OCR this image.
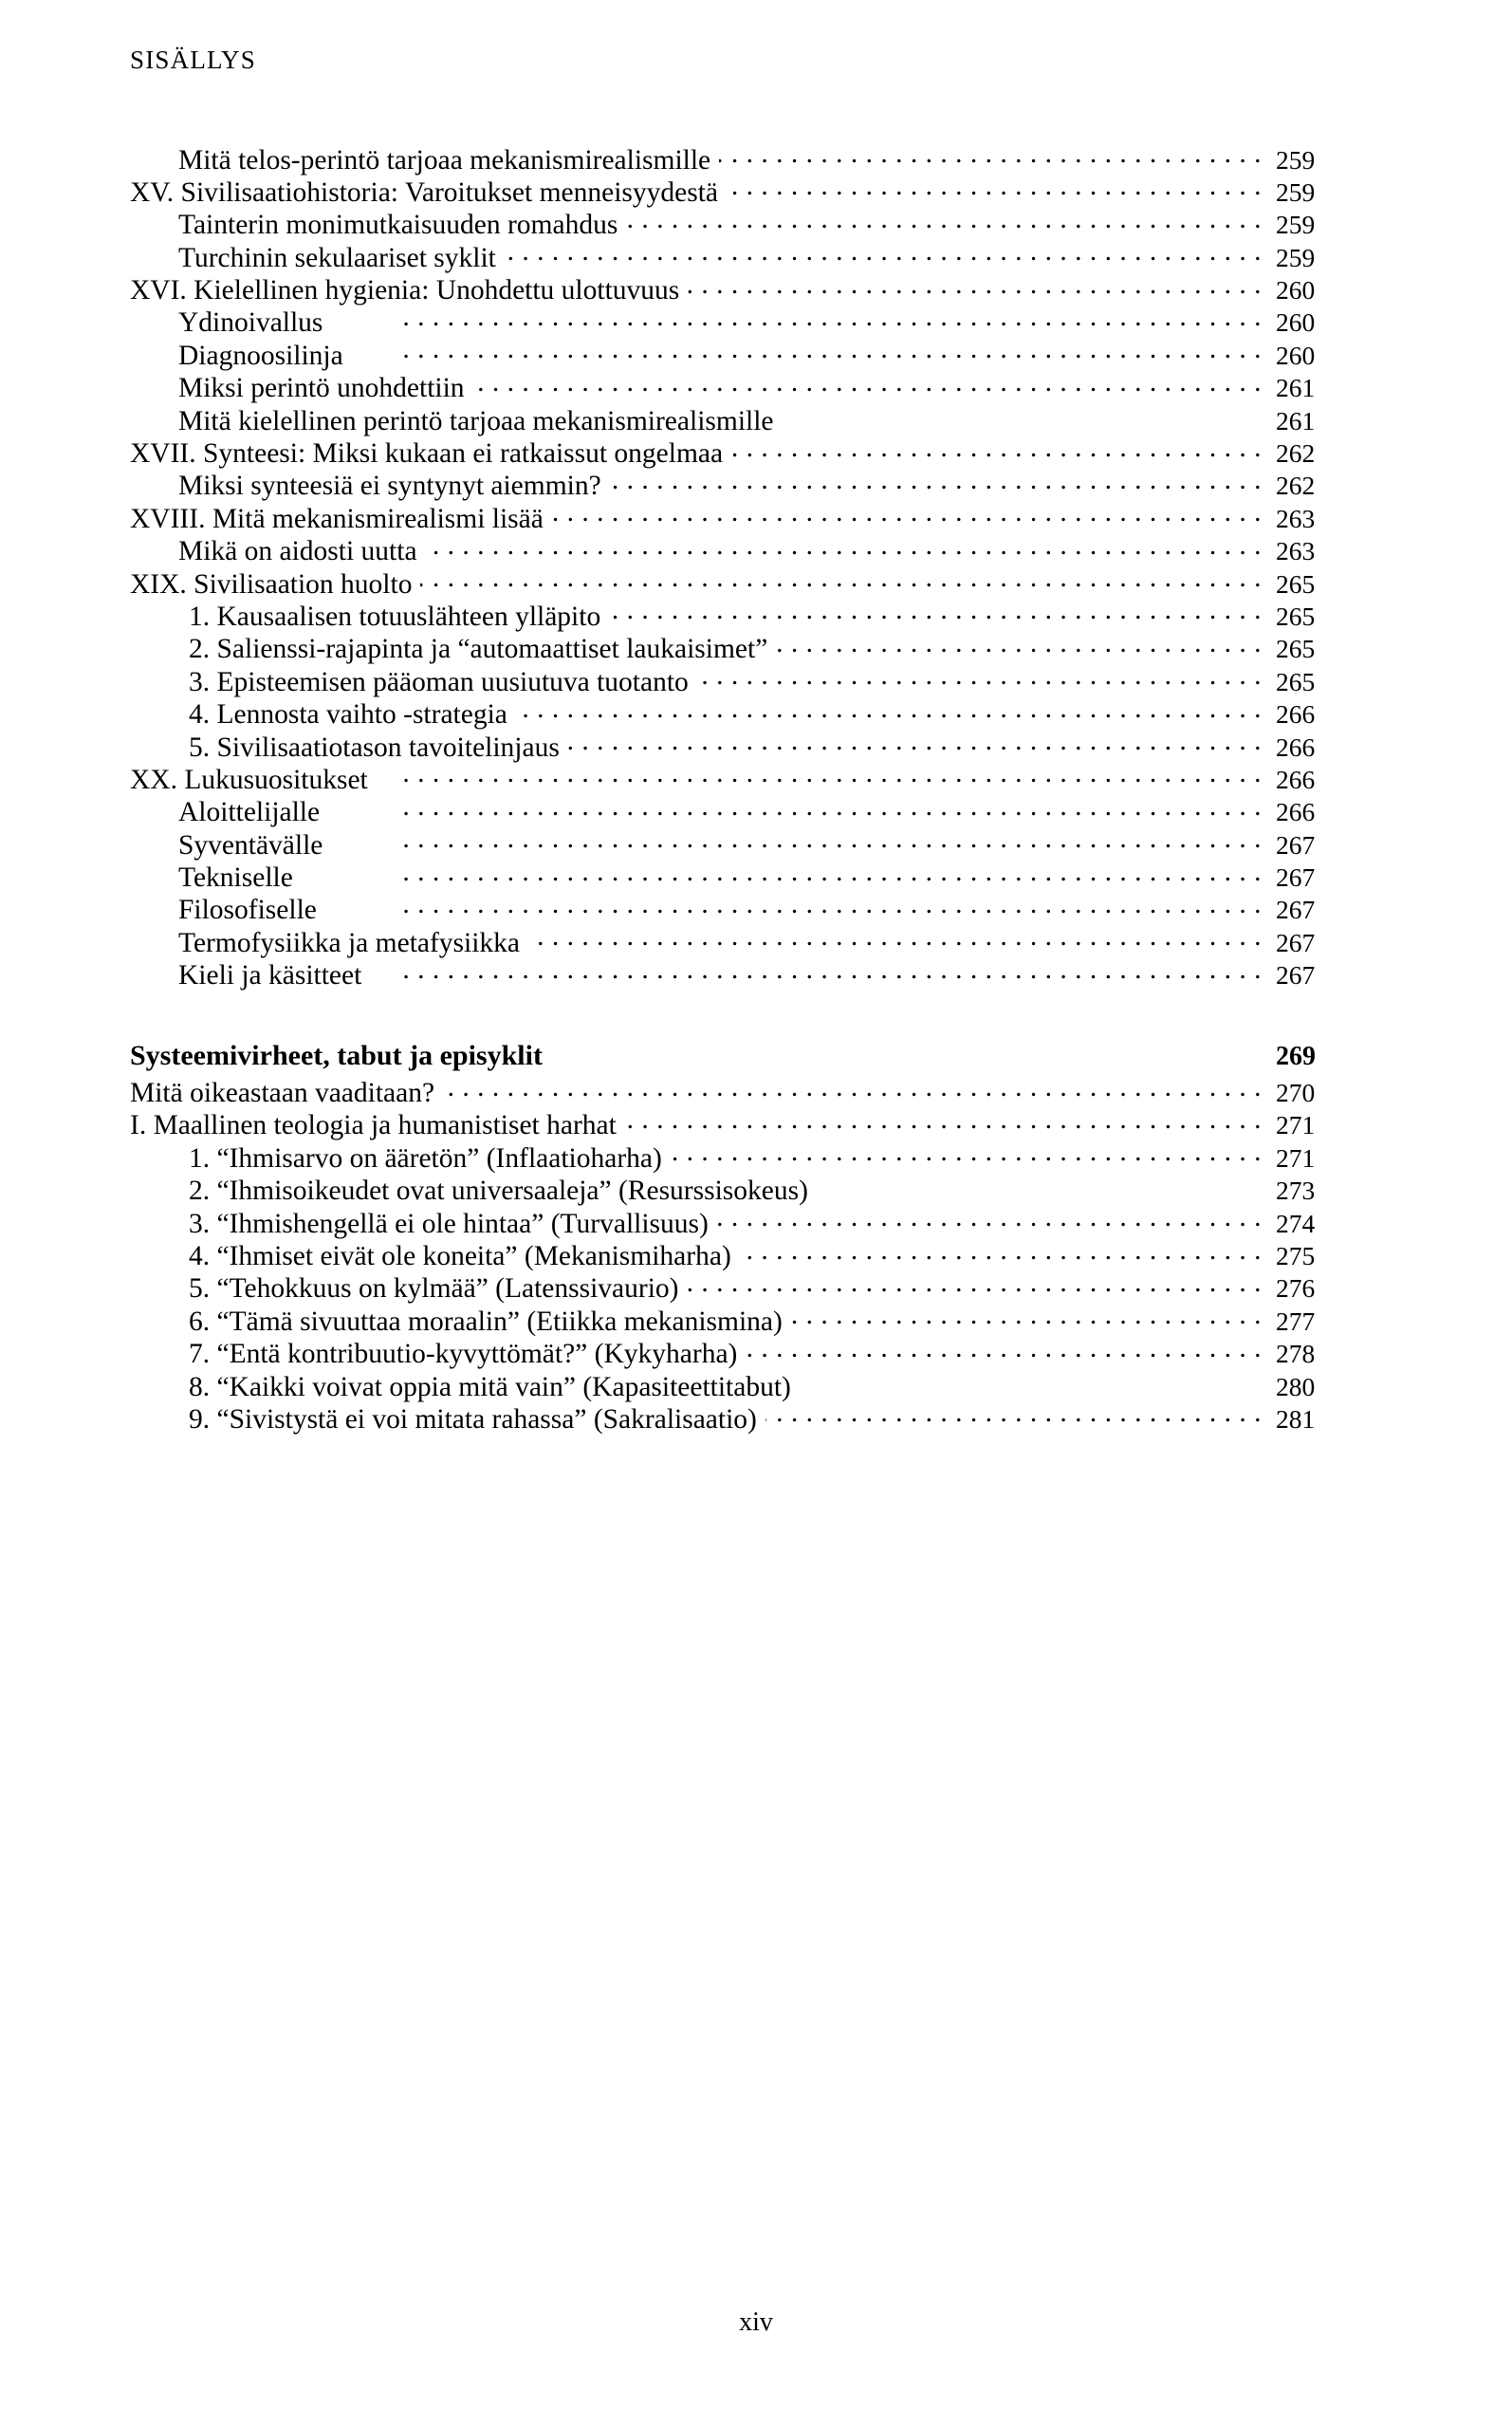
SISÄLLYS
Mitä telos-perintö tarjoaa mekanismirealismille . . .	259
XV. Sivilisaatiohistoria: Varoitukset menneisyydestä . . .	259
Tainterin monimutkaisuuden romahdus . . .	259
Turchinin sekulaariset syklit . . .	259
XVI. Kielellinen hygienia: Unohdettu ulottuvuus . . .	260
Ydinoivallus . . .	260
Diagnoosilinja . . .	260
Miksi perintö unohdettiin . . .	261
Mitä kielellinen perintö tarjoaa mekanismirealismille	261
XVII. Synteesi: Miksi kukaan ei ratkaissut ongelmaa . . .	262
Miksi synteesiä ei syntynyt aiemmin? . . .	262
XVIII. Mitä mekanismirealismi lisää . . .	263
Mikä on aidosti uutta . . .	263
XIX. Sivilisaation huolto . . .	265
1. Kausaalisen totuuslähteen ylläpito . . .	265
2. Salienssi-rajapinta ja “automaattiset laukaisimet” . . .	265
3. Episteemisen pääoman uusiutuva tuotanto . . .	265
4. Lennosta vaihto -strategia . . .	266
5. Sivilisaatiotason tavoitelinjaus . . .	266
XX. Lukusuositukset . . .	266
Aloittelijalle . . .	266
Syventävälle . . .	267
Tekniselle . . .	267
Filosofiselle . . .	267
Termofysiikka ja metafysiikka . . .	267
Kieli ja käsitteet . . .	267
Systeemivirheet, tabut ja episyklit	269
Mitä oikeastaan vaaditaan? . . .	270
I. Maallinen teologia ja humanistiset harhat . . .	271
1. “Ihmisarvo on ääretön” (Inflaatioharha) . . .	271
2. “Ihmisoikeudet ovat universaaleja” (Resurssisokeus)	273
3. “Ihmishengellä ei ole hintaa” (Turvallisuus) . . .	274
4. “Ihmiset eivät ole koneita” (Mekanismiharha) . . .	275
5. “Tehokkuus on kylmää” (Latenssivaurio) . . .	276
6. “Tämä sivuuttaa moraalin” (Etiikka mekanismina) . . .	277
7. “Entä kontribuutio-kyvyttömät?” (Kykyharha) . . .	278
8. “Kaikki voivat oppia mitä vain” (Kapasiteettitabut)	280
9. “Sivistystä ei voi mitata rahassa” (Sakralisaatio) . . .	281
xiv
